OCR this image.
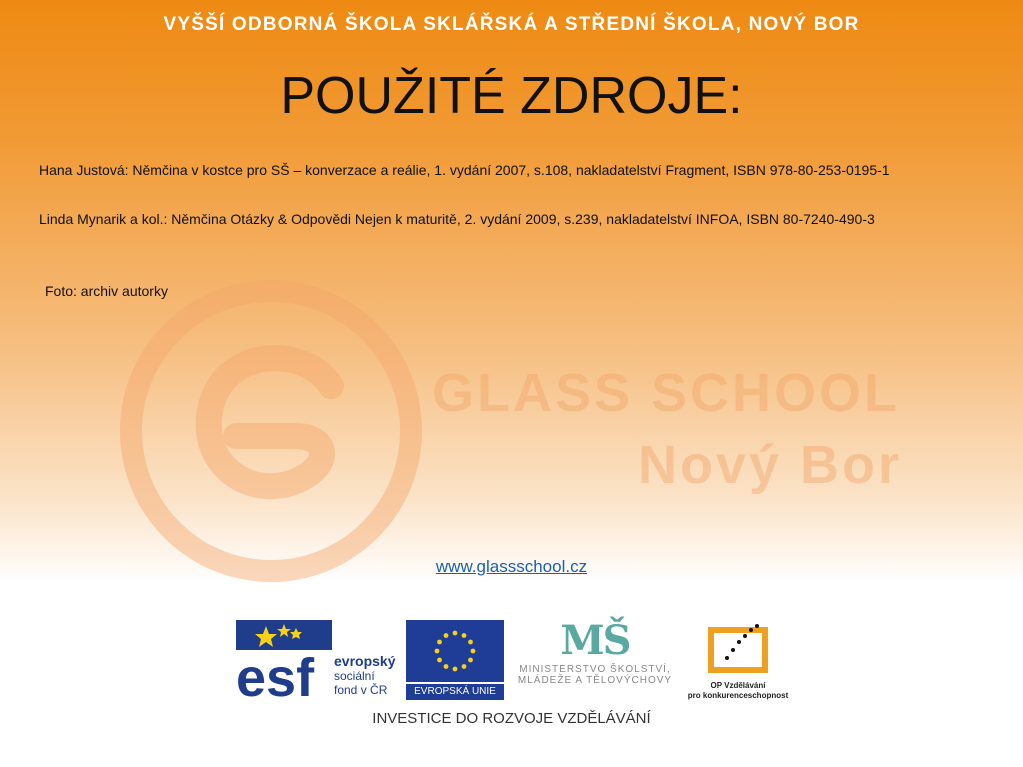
GLASS SCHOOL
Nový Bor
VYŠŠÍ ODBORNÁ ŠKOLA SKLÁŘSKÁ A STŘEDNÍ ŠKOLA, NOVÝ BOR
POUŽITÉ ZDROJE:
Hana Justová: Němčina v kostce pro SŠ – konverzace a reálie, 1. vydání 2007, s.108, nakladatelství Fragment, ISBN 978-80-253-0195-1
Linda Mynarik a kol.: Němčina Otázky & Odpovědi Nejen k maturitě, 2. vydání 2009, s.239, nakladatelství INFOA, ISBN 80-7240-490-3
Foto: archiv autorky
www.glassschool.cz
esf evropský
sociální
fond v ČR	EVROPSKÁ UNIE
MŠ

MINISTERSTVO ŠKOLSTVÍ,
MLÁDEŽE A TĚLOVÝCHOVY	OP Vzdělávání
pro konkurenceschopnost
INVESTICE DO ROZVOJE VZDĚLÁVÁNÍ
